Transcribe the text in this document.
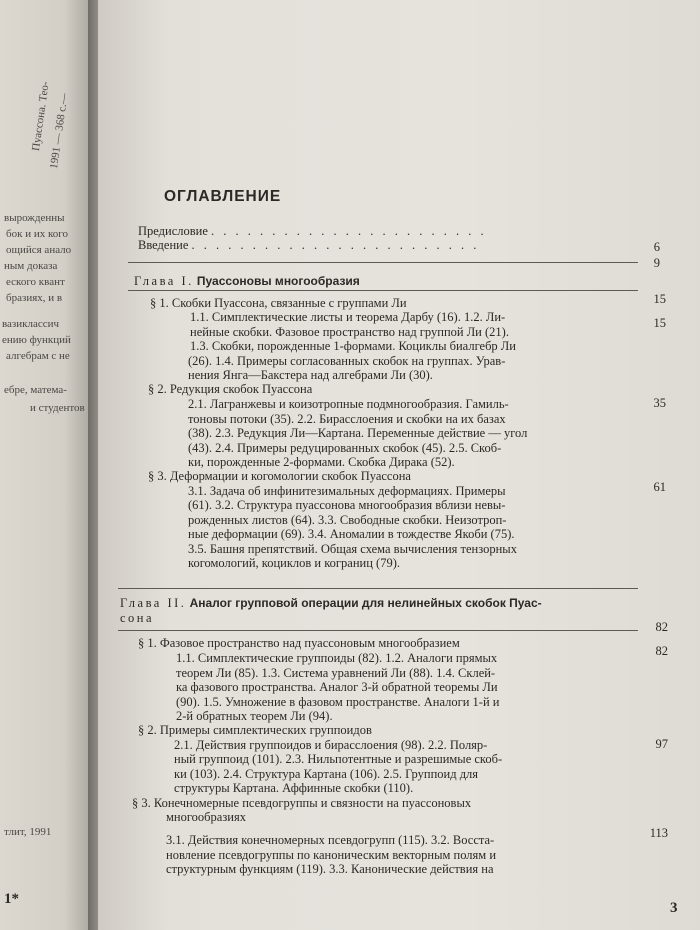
Пуассона. Тео-
1991 — 368 с.—
вырожденны
бок и их кого
ощийся анало
ным доказа
еского квант
бразиях, и в
вазиклассич
ению функций
алгебрам с не
ебре, матема-
и студентов
тлит, 1991
1*
ОГЛАВЛЕНИЕ
Предисловие . . . . . . . . . . . . . . . . . . . . . . .
Введение . . . . . . . . . . . . . . . . . . . . . . . .	6
9
Глава I. Пуассоновы многообразия
§ 1. Скобки Пуассона, связанные с группами Ли	15
15
1.1. Симплектические листы и теорема Дарбу (16). 1.2. Ли-
нейные скобки. Фазовое пространство над группой Ли (21).
1.3. Скобки, порожденные 1-формами. Коциклы биалгебр Ли
(26). 1.4. Примеры согласованных скобок на группах. Урав-
нения Янга—Бакстера над алгебрами Ли (30).
§ 2. Редукция скобок Пуассона
35
2.1. Лагранжевы и коизотропные подмногообразия. Гамиль-
тоновы потоки (35). 2.2. Бирасслоения и скобки на их базах
(38). 2.3. Редукция Ли—Картана. Переменные действие — угол
(43). 2.4. Примеры редуцированных скобок (45). 2.5. Скоб-
ки, порожденные 2-формами. Скобка Дирака (52).
§ 3. Деформации и когомологии скобок Пуассона
61
3.1. Задача об инфинитезимальных деформациях. Примеры
(61). 3.2. Структура пуассонова многообразия вблизи невы-
рожденных листов (64). 3.3. Свободные скобки. Неизотроп-
ные деформации (69). 3.4. Аномалии в тождестве Якоби (75).
3.5. Башня препятствий. Общая схема вычисления тензорных
когомологий, коциклов и кограниц (79).
Глава II. Аналог групповой операции для нелинейных скобок Пуас-
сона
82
§ 1. Фазовое пространство над пуассоновым многообразием
82
1.1. Симплектические группоиды (82). 1.2. Аналоги прямых
теорем Ли (85). 1.3. Система уравнений Ли (88). 1.4. Склей-
ка фазового пространства. Аналог 3-й обратной теоремы Ли
(90). 1.5. Умножение в фазовом пространстве. Аналоги 1-й и
2-й обратных теорем Ли (94).
§ 2. Примеры симплектических группоидов
97
2.1. Действия группоидов и бирасслоения (98). 2.2. Поляр-
ный группоид (101). 2.3. Нильпотентные и разрешимые скоб-
ки (103). 2.4. Структура Картана (106). 2.5. Группоид для
структуры Картана. Аффинные скобки (110).
§ 3. Конечномерные псевдогруппы и связности на пуассоновых
многообразиях
113
3.1. Действия конечномерных псевдогрупп (115). 3.2. Восста-
новление псевдогруппы по каноническим векторным полям и
структурным функциям (119). 3.3. Канонические действия на
3
